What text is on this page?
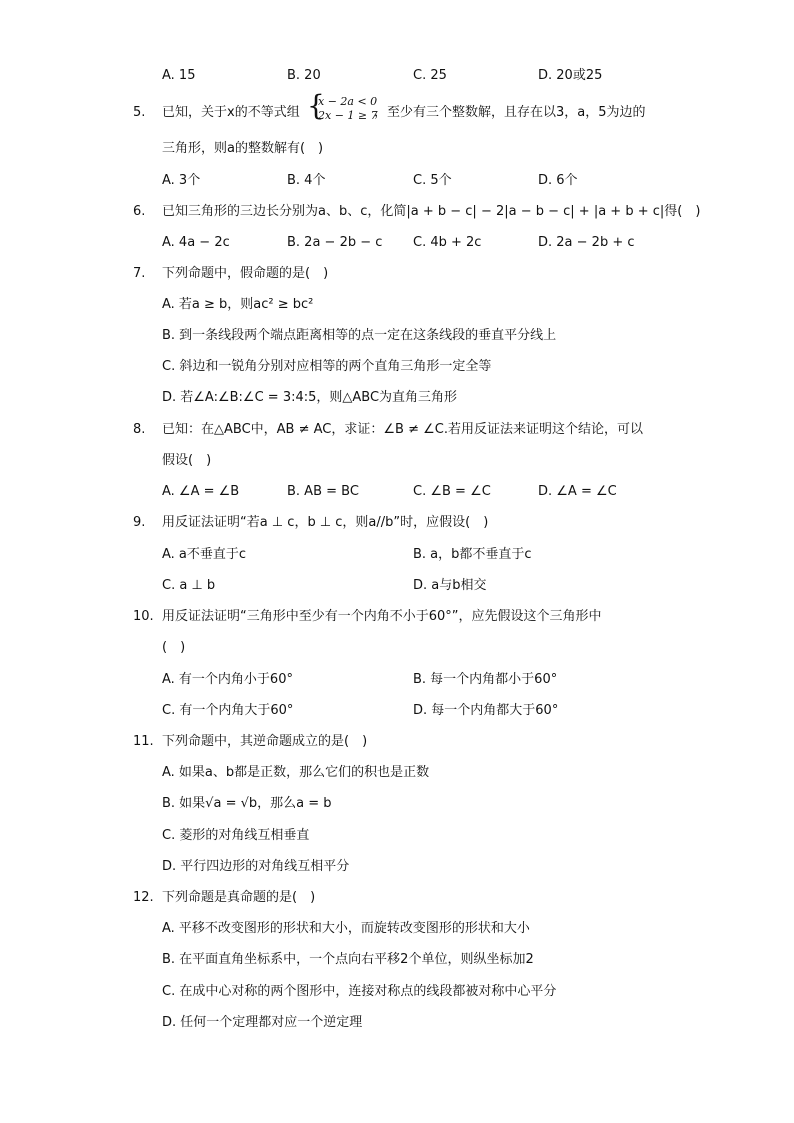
A. 15	B. 20	C. 25	D. 20或25
5. 已知，关于x的不等式组 {
x − 2a < 0
2x − 1 ≥ 7
，至少有三个整数解，且存在以3，a，5为边的
三角形，则a的整数解有(　)
A. 3个	B. 4个	C. 5个	D. 6个
6. 已知三角形的三边长分别为a、b、c，化简|a + b − c| − 2|a − b − c| + |a + b + c|得(　)
A. 4a − 2c	B. 2a − 2b − c C. 4b + 2c	D. 2a − 2b + c
7. 下列命题中，假命题的是(　)
A. 若a ≥ b，则ac² ≥ bc²
B. 到一条线段两个端点距离相等的点一定在这条线段的垂直平分线上
C. 斜边和一锐角分别对应相等的两个直角三角形一定全等
D. 若∠A:∠B:∠C = 3:4:5，则△ABC为直角三角形
8. 已知：在△ABC中，AB ≠ AC，求证：∠B ≠ ∠C.若用反证法来证明这个结论，可以
假设(　)
A. ∠A = ∠B	B. AB = BC	C. ∠B = ∠C	D. ∠A = ∠C
9. 用反证法证明“若a ⊥ c，b ⊥ c，则a//b”时，应假设(　)
A. a不垂直于c	B. a，b都不垂直于c
C. a ⊥ b	D. a与b相交
10. 用反证法证明“三角形中至少有一个内角不小于60°”，应先假设这个三角形中
(　)
A. 有一个内角小于60°	B. 每一个内角都小于60°
C. 有一个内角大于60°	D. 每一个内角都大于60°
11. 下列命题中，其逆命题成立的是(　)
A. 如果a、b都是正数，那么它们的积也是正数
B. 如果√a = √b，那么a = b
C. 菱形的对角线互相垂直
D. 平行四边形的对角线互相平分
12. 下列命题是真命题的是(　)
A. 平移不改变图形的形状和大小，而旋转改变图形的形状和大小
B. 在平面直角坐标系中，一个点向右平移2个单位，则纵坐标加2
C. 在成中心对称的两个图形中，连接对称点的线段都被对称中心平分
D. 任何一个定理都对应一个逆定理
